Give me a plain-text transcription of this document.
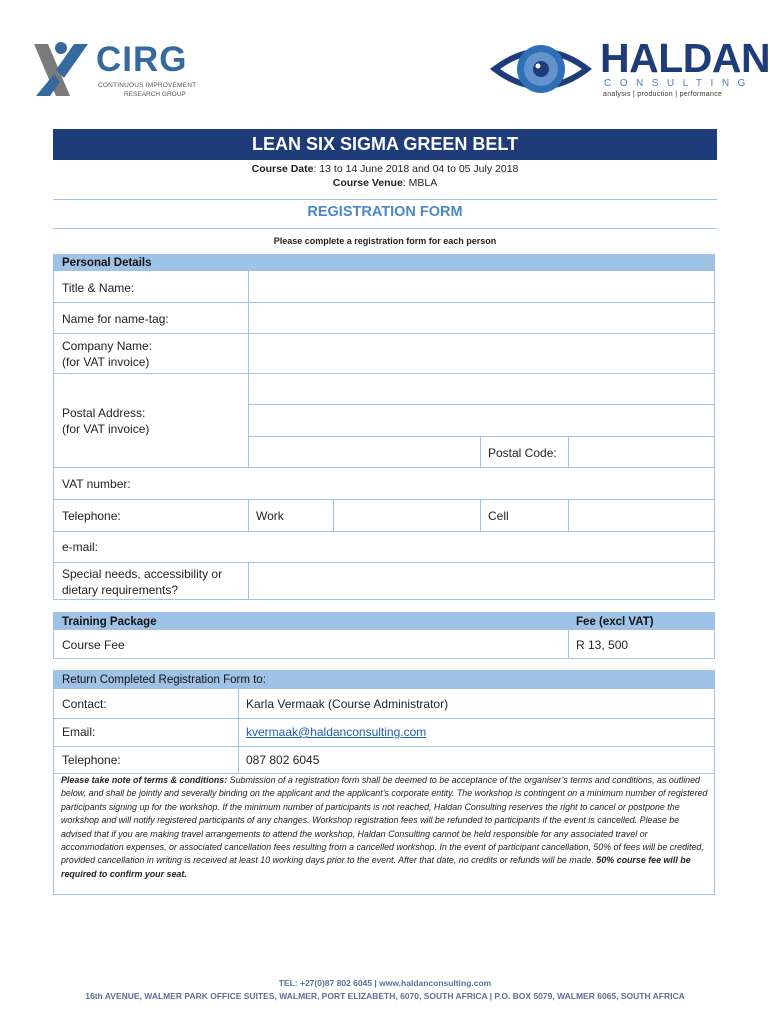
CIRG
CONTINUOUS IMPROVEMENT
RESEARCH GROUP
HALDAN
CONSULTING
analysis | production | performance
LEAN SIX SIGMA GREEN BELT
Course Date: 13 to 14 June 2018 and 04 to 05 July 2018
Course Venue: MBLA
REGISTRATION FORM
Please complete a registration form for each person
Personal Details
Title & Name:
Name for name-tag:
Company Name:
(for VAT invoice)
Postal Address:
(for VAT invoice)
Postal Code:
VAT number:
Telephone:	Work	Cell
e-mail:
Special needs, accessibility or
dietary requirements?
Training Package	Fee (excl VAT)
Course Fee	R 13, 500
Return Completed Registration Form to:
Contact:	Karla Vermaak (Course Administrator)
Email:	kvermaak@haldanconsulting.com
Telephone:	087 802 6045
Please take note of terms & conditions: Submission of a registration form shall be deemed to be acceptance of the organiser’s terms and conditions, as outlined below, and shall be jointly and severally binding on the applicant and the applicant’s corporate entity. The workshop is contingent on a minimum number of registered participants signing up for the workshop. If the minimum number of participants is not reached, Haldan Consulting reserves the right to cancel or postpone the workshop and will notify registered participants of any changes. Workshop registration fees will be refunded to participants if the event is cancelled. Please be advised that if you are making travel arrangements to attend the workshop, Haldan Consulting cannot be held responsible for any associated travel or accommodation expenses, or associated cancellation fees resulting from a cancelled workshop. In the event of participant cancellation, 50% of fees will be credited, provided cancellation in writing is received at least 10 working days prior to the event. After that date, no credits or refunds will be made. 50% course fee will be required to confirm your seat.
TEL: +27(0)87 802 6045 | www.haldanconsulting.com
16th AVENUE, WALMER PARK OFFICE SUITES, WALMER, PORT ELIZABETH, 6070, SOUTH AFRICA | P.O. BOX 5079, WALMER 6065, SOUTH AFRICA
